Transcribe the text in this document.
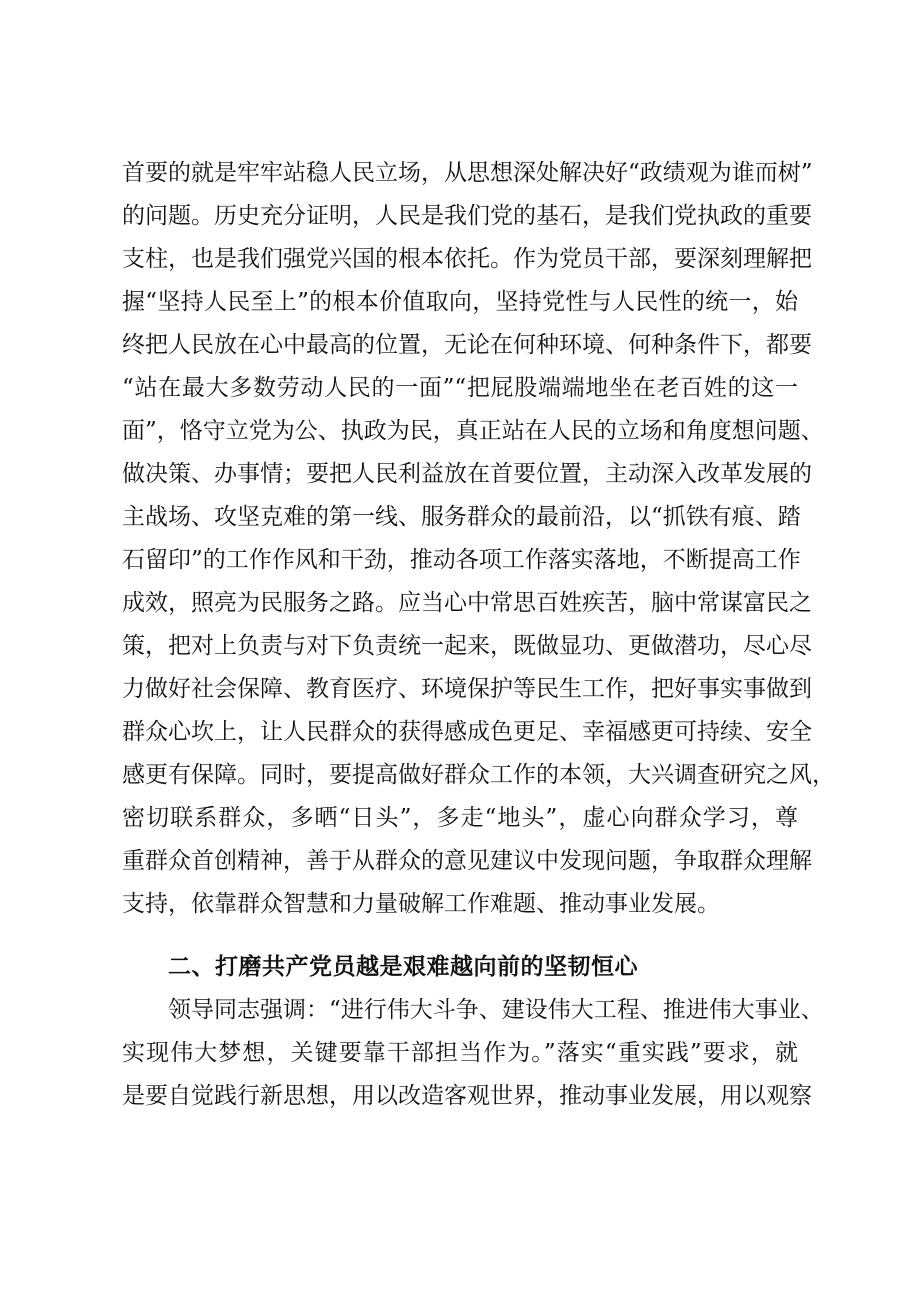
首要的就是牢牢站稳人民立场，从思想深处解决好“政绩观为谁而树”
的问题。历史充分证明，人民是我们党的基石，是我们党执政的重要
支柱，也是我们强党兴国的根本依托。作为党员干部，要深刻理解把
握“坚持人民至上”的根本价值取向，坚持党性与人民性的统一，始
终把人民放在心中最高的位置，无论在何种环境、何种条件下，都要
“站在最大多数劳动人民的一面”“把屁股端端地坐在老百姓的这一
面”，恪守立党为公、执政为民，真正站在人民的立场和角度想问题、
做决策、办事情；要把人民利益放在首要位置，主动深入改革发展的
主战场、攻坚克难的第一线、服务群众的最前沿，以“抓铁有痕、踏
石留印”的工作作风和干劲，推动各项工作落实落地，不断提高工作
成效，照亮为民服务之路。应当心中常思百姓疾苦，脑中常谋富民之
策，把对上负责与对下负责统一起来，既做显功、更做潜功，尽心尽
力做好社会保障、教育医疗、环境保护等民生工作，把好事实事做到
群众心坎上，让人民群众的获得感成色更足、幸福感更可持续、安全
感更有保障。同时，要提高做好群众工作的本领，大兴调查研究之风，
密切联系群众，多晒“日头”，多走“地头”，虚心向群众学习，尊
重群众首创精神，善于从群众的意见建议中发现问题，争取群众理解
支持，依靠群众智慧和力量破解工作难题、推动事业发展。
二、打磨共产党员越是艰难越向前的坚韧恒心
领导同志强调：“进行伟大斗争、建设伟大工程、推进伟大事业、
实现伟大梦想，关键要靠干部担当作为。”落实“重实践”要求，就
是要自觉践行新思想，用以改造客观世界，推动事业发展，用以观察
